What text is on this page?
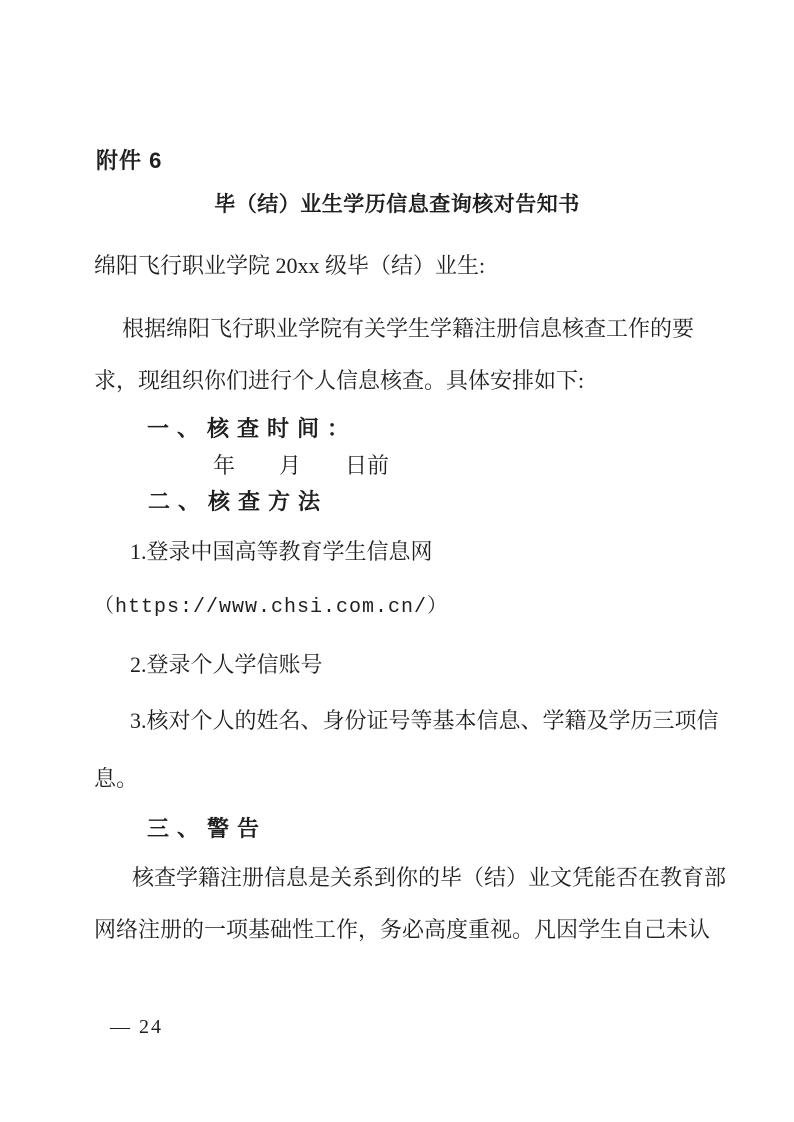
附件 6
毕（结）业生学历信息查询核对告知书
绵阳飞行职业学院 20xx 级毕（结）业生:
根据绵阳飞行职业学院有关学生学籍注册信息核查工作的要求，现组织你们进行个人信息核查。具体安排如下:
一、核查时间：
年　　月　　日前
二、核查方法
1.登录中国高等教育学生信息网
（https://www.chsi.com.cn/）
2.登录个人学信账号
3.核对个人的姓名、身份证号等基本信息、学籍及学历三项信息。
三、警告
核查学籍注册信息是关系到你的毕（结）业文凭能否在教育部网络注册的一项基础性工作，务必高度重视。凡因学生自己未认
— 24
